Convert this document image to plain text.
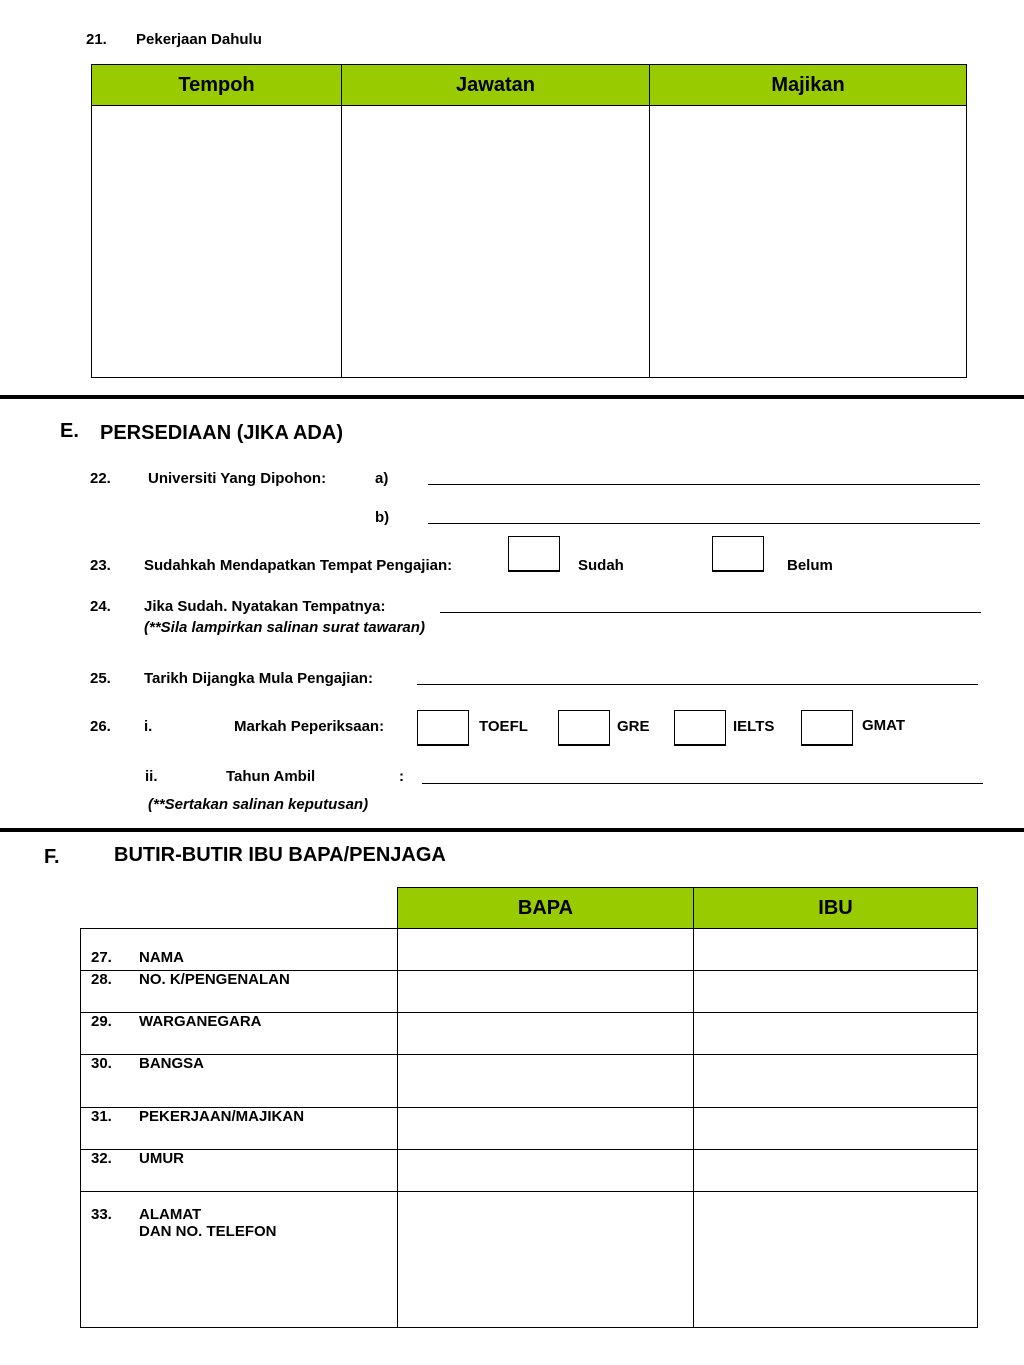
21. Pekerjaan Dahulu
Tempoh	Jawatan	Majikan

E. PERSEDIAAN (JIKA ADA)
22. Universiti Yang Dipohon:	a)
b)
23. Sudahkah Mendapatkan Tempat Pengajian:	Sudah	Belum
24. Jika Sudah. Nyatakan Tempatnya:
(**Sila lampirkan salinan surat tawaran)
25. Tarikh Dijangka Mula Pengajian:
26. i.	Markah Peperiksaan:	TOEFL	GRE	IELTS	GMAT
ii.	Tahun Ambil	:
(**Sertakan salinan keputusan)
F.	BUTIR-BUTIR IBU BAPA/PENJAGA
BAPA	IBU
27. NAMA		
28. NO. K/PENGENALAN		
29. WARGANEGARA		
30. BANGSA		
31. PEKERJAAN/MAJIKAN		
32. UMUR		
33. ALAMAT
DAN NO. TELEFON		
